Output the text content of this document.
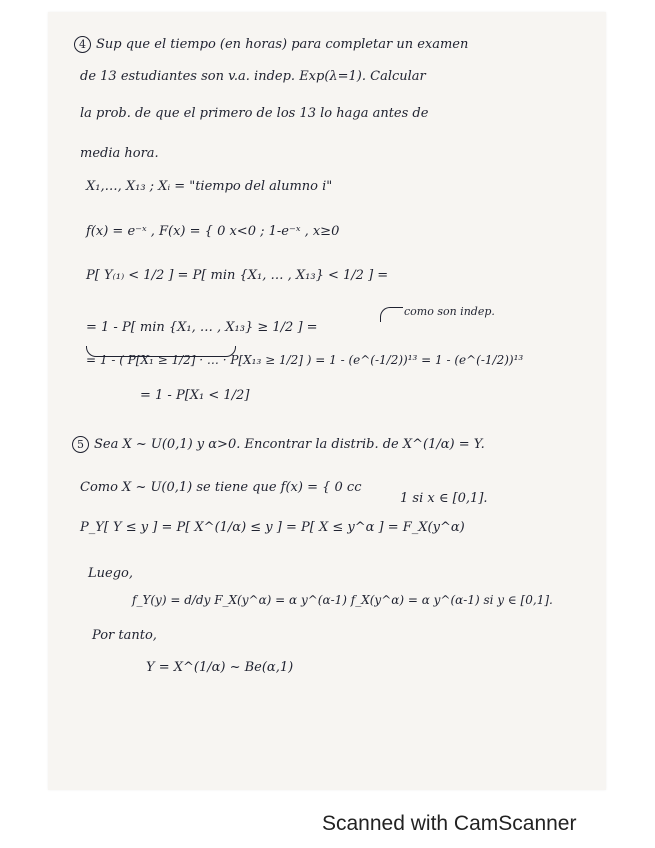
4 Sup que el tiempo (en horas) para completar un examen
de 13 estudiantes son v.a. indep. Exp(λ=1). Calcular
la prob. de que el primero de los 13 lo haga antes de
media hora.
X₁,…, X₁₃ ; Xᵢ = "tiempo del alumno i"
f(x) = e⁻ˣ , F(x) = { 0 x<0 ; 1-e⁻ˣ , x≥0
P[ Y₍₁₎ < 1/2 ] = P[ min {X₁, … , X₁₃} < 1/2 ] =
como son indep.
= 1 - P[ min {X₁, … , X₁₃} ≥ 1/2 ] =
= 1 - ( P[X₁ ≥ 1/2] · … · P[X₁₃ ≥ 1/2] ) = 1 - (e^(-1/2))¹³ = 1 - (e^(-1/2))¹³
= 1 - P[X₁ < 1/2]
5 Sea X ~ U(0,1) y α>0. Encontrar la distrib. de X^(1/α) = Y.
Como X ~ U(0,1) se tiene que f(x) = { 0 cc
1 si x ∈ [0,1].
P_Y[ Y ≤ y ] = P[ X^(1/α) ≤ y ] = P[ X ≤ y^α ] = F_X(y^α)
Luego,
f_Y(y) = d/dy F_X(y^α) = α y^(α-1) f_X(y^α) = α y^(α-1) si y ∈ [0,1].
Por tanto,
Y = X^(1/α) ~ Be(α,1)
Scanned with CamScanner
